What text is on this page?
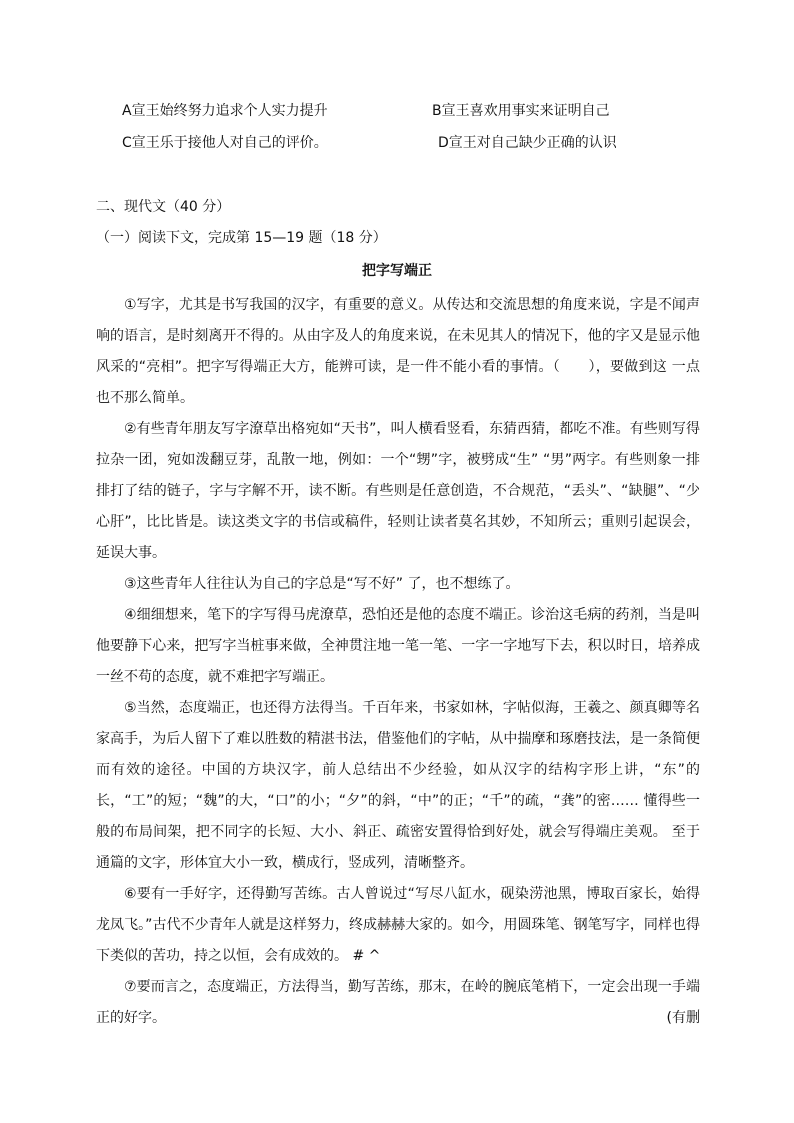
A宣王始终努力追求个人实力提升	B宣王喜欢用事实来证明自己
C宣王乐于接他人对自己的评价。	D宣王对自己缺少正确的认识
二、现代文（40 分）
（一）阅读下文，完成第 15—19 题（18 分）
把字写端正

①写字，尤其是书写我国的汉字，有重要的意义。从传达和交流思想的角度来说，字是不闻声响的语言，是时刻离开不得的。从由字及人的角度来说，在未见其人的情况下，他的字又是显示他 风采的“亮相”。把字写得端正大方，能辨可读，是一件不能小看的事情。（　　），要做到这 一点也不那么简单。

②有些青年朋友写字潦草出格宛如“天书”，叫人横看竖看，东猜西猜，都吃不准。有些则写得拉杂一团，宛如泼翻豆芽，乱散一地，例如：一个“甥”字，被劈成“生” “男”两字。有些则象一排排打了结的链子，字与字解不开，读不断。有些则是任意创造，不合规范，“丢头”、“缺腿”、“少心肝”，比比皆是。读这类文字的书信或稿件，轻则让读者莫名其妙，不知所云；重则引起误会，延误大事。

③这些青年人往往认为自己的字总是“写不好” 了，也不想练了。

④细细想来，笔下的字写得马虎潦草，恐怕还是他的态度不端正。诊治这毛病的药剂，当是叫他要静下心来，把写字当桩事来做，全神贯注地一笔一笔、一字一字地写下去，积以时日，培养成 一丝不苟的态度，就不难把字写端正。

⑤当然，态度端正，也还得方法得当。千百年来，书家如林，字帖似海，王羲之、颜真卿等名家高手，为后人留下了难以胜数的精湛书法，借鉴他们的字帖，从中揣摩和琢磨技法，是一条简便而有效的途径。中国的方块汉字，前人总结出不少经验，如从汉字的结构字形上讲，“东”的长，“工”的短；“魏”的大，“口”的小；“夕”的斜，“中”的正；“千”的疏，“龚”的密…… 懂得些一般的布局间架，把不同字的长短、大小、斜正、疏密安置得恰到好处，就会写得端庄美观。 至于通篇的文字，形体宜大小一致，横成行，竖成列，清晰整齐。

⑥要有一手好字，还得勤写苦练。古人曾说过“写尽八缸水，砚染涝池黑，博取百家长，始得龙凤飞。”古代不少青年人就是这样努力，终成赫赫大家的。如今，用圆珠笔、钢笔写字，同样也得下类似的苦功，持之以恒，会有成效的。 # ^

⑦要而言之，态度端正，方法得当，勤写苦练，那末，在岭的腕底笔梢下，一定会出现一手端正的好字。	(有删
